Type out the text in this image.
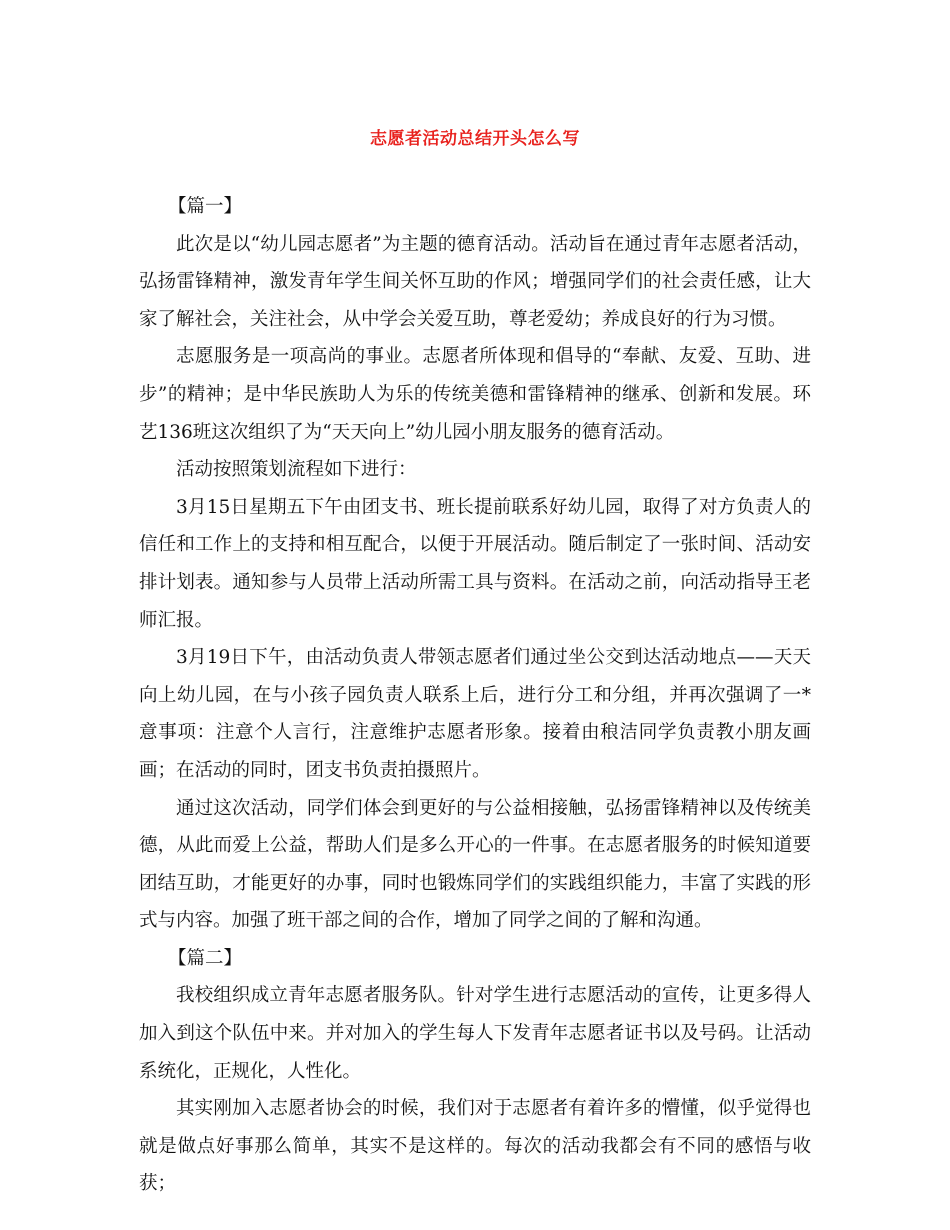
志愿者活动总结开头怎么写

【篇一】

此次是以“幼儿园志愿者”为主题的德育活动。活动旨在通过青年志愿者活动，弘扬雷锋精神，激发青年学生间关怀互助的作风；增强同学们的社会责任感，让大家了解社会，关注社会，从中学会关爱互助，尊老爱幼；养成良好的行为习惯。

志愿服务是一项高尚的事业。志愿者所体现和倡导的“奉献、友爱、互助、进步”的精神；是中华民族助人为乐的传统美德和雷锋精神的继承、创新和发展。环艺136班这次组织了为“天天向上”幼儿园小朋友服务的德育活动。

活动按照策划流程如下进行：

3月15日星期五下午由团支书、班长提前联系好幼儿园，取得了对方负责人的信任和工作上的支持和相互配合，以便于开展活动。随后制定了一张时间、活动安排计划表。通知参与人员带上活动所需工具与资料。在活动之前，向活动指导王老师汇报。

3月19日下午，由活动负责人带领志愿者们通过坐公交到达活动地点——天天向上幼儿园，在与小孩子园负责人联系上后，进行分工和分组，并再次强调了一*意事项：注意个人言行，注意维护志愿者形象。接着由稂洁同学负责教小朋友画画；在活动的同时，团支书负责拍摄照片。

通过这次活动，同学们体会到更好的与公益相接触，弘扬雷锋精神以及传统美德，从此而爱上公益，帮助人们是多么开心的一件事。在志愿者服务的时候知道要团结互助，才能更好的办事，同时也锻炼同学们的实践组织能力，丰富了实践的形式与内容。加强了班干部之间的合作，增加了同学之间的了解和沟通。

【篇二】

我校组织成立青年志愿者服务队。针对学生进行志愿活动的宣传，让更多得人加入到这个队伍中来。并对加入的学生每人下发青年志愿者证书以及号码。让活动系统化，正规化，人性化。

其实刚加入志愿者协会的时候，我们对于志愿者有着许多的懵懂，似乎觉得也就是做点好事那么简单，其实不是这样的。每次的活动我都会有不同的感悟与收获；
